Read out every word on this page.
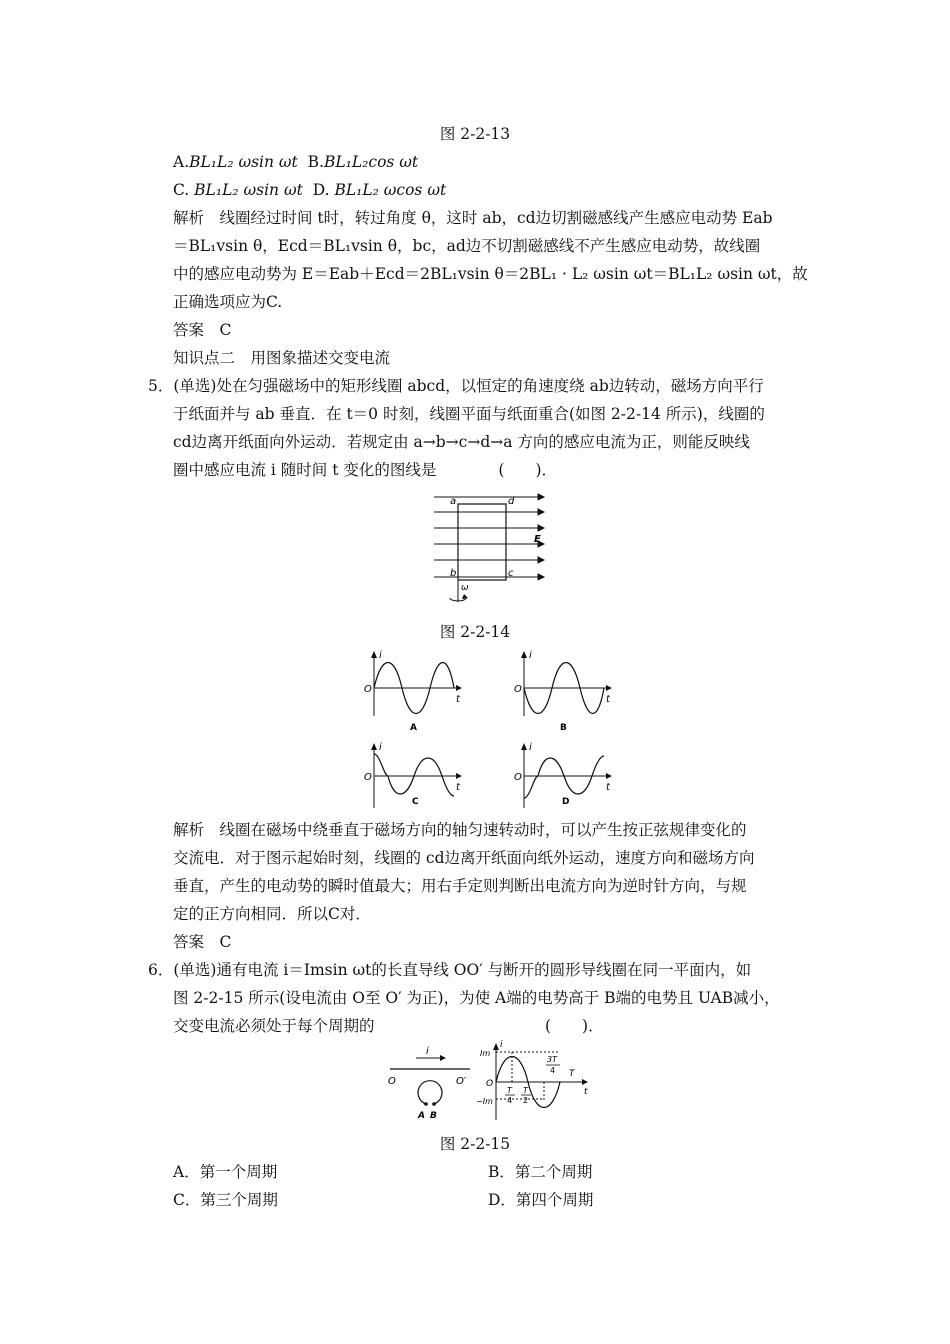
图 2-2-13
A.BL₁L₂ ωsin ωt B.BL₁L₂cos ωt
C. BL₁L₂ ωsin ωt D. BL₁L₂ ωcos ωt
解析　线圈经过时间 t时，转过角度 θ，这时 ab，cd边切割磁感线产生感应电动势 Eab
＝BL₁vsin θ，Ecd＝BL₁vsin θ，bc，ad边不切割磁感线不产生感应电动势，故线圈
中的感应电动势为 E＝Eab＋Ecd＝2BL₁vsin θ＝2BL₁ · L₂ ωsin ωt＝BL₁L₂ ωsin ωt，故
正确选项应为C.
答案　C
知识点二　用图象描述交变电流
5．(单选)处在匀强磁场中的矩形线圈 abcd，以恒定的角速度绕 ab边转动，磁场方向平行
于纸面并与 ab 垂直．在 t＝0 时刻，线圈平面与纸面重合(如图 2-2-14 所示)，线圈的
cd边离开纸面向外运动．若规定由 a→b→c→d→a 方向的感应电流为正，则能反映线
圈中感应电流 i 随时间 t 变化的图线是　　　　(　　)．
a	d
b	c
E
ω
图 2-2-14
i
O
t
A
i
O
t
B
i
O
t
C
i
O
t
D
解析　线圈在磁场中绕垂直于磁场方向的轴匀速转动时，可以产生按正弦规律变化的
交流电．对于图示起始时刻，线圈的 cd边离开纸面向纸外运动，速度方向和磁场方向
垂直，产生的电动势的瞬时值最大；用右手定则判断出电流方向为逆时针方向，与规
定的正方向相同．所以C对．
答案　C
6．(单选)通有电流 i＝Imsin ωt的长直导线 OO′ 与断开的圆形导线圈在同一平面内，如
图 2-2-15 所示(设电流由 O至 O′ 为正)，为使 A端的电势高于 B端的电势且 UAB减小，
交变电流必须处于每个周期的　　　　　　　　　　　(　　)．
i
O	O′
A B
i
Im
O
−Im
T
4
T
2
3T
4 T
t
图 2-2-15
A．第一个周期	B．第二个周期
C．第三个周期	D．第四个周期
